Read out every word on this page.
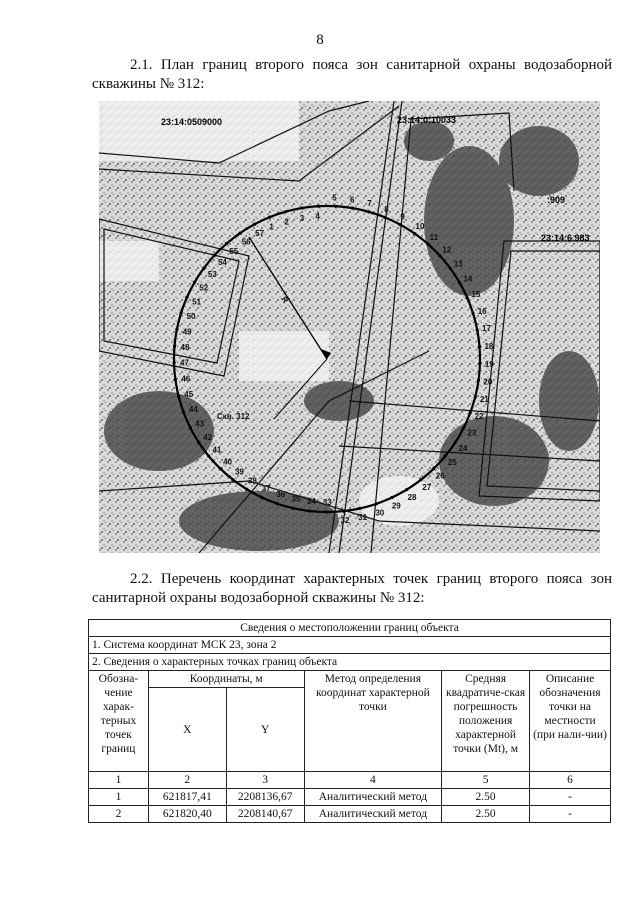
8
2.1. План границ второго пояса зон санитарной охраны водозаборной скважины № 312:
R
Скв. 312
23:14:0509000	23:14:0:10033
:909
23:14:6.983
1
2 3 4
5 6 7
8
9
10
11
12
13
14
15
16
17
18
19
20
21
22
23
24
25
26
27
28
29
30
31
32
33
34
35
36
37
38
39
40
41
42
43
44
45
46
47
48
49
50
51
52
53
54
55
56
57
2.2. Перечень координат характерных точек границ второго пояса зон санитарной охраны водозаборной скважины № 312:
Сведения о местоположении границ объекта					
1. Система координат МСК 23, зона 2					
2. Сведения о характерных точках границ объекта					
Обозна-чение харак-терных точек границ	Координаты, м		Метод определения координат характерной точки	Средняя квадратиче-ская погрешность положения характерной точки (Mt), м	Описание обозначения точки на местности (при нали-чии)
	X	Y			
1	2	3	4	5	6
1	621817,41	2208136,67	Аналитический метод	2.50	-
2	621820,40	2208140,67	Аналитический метод	2.50	-
